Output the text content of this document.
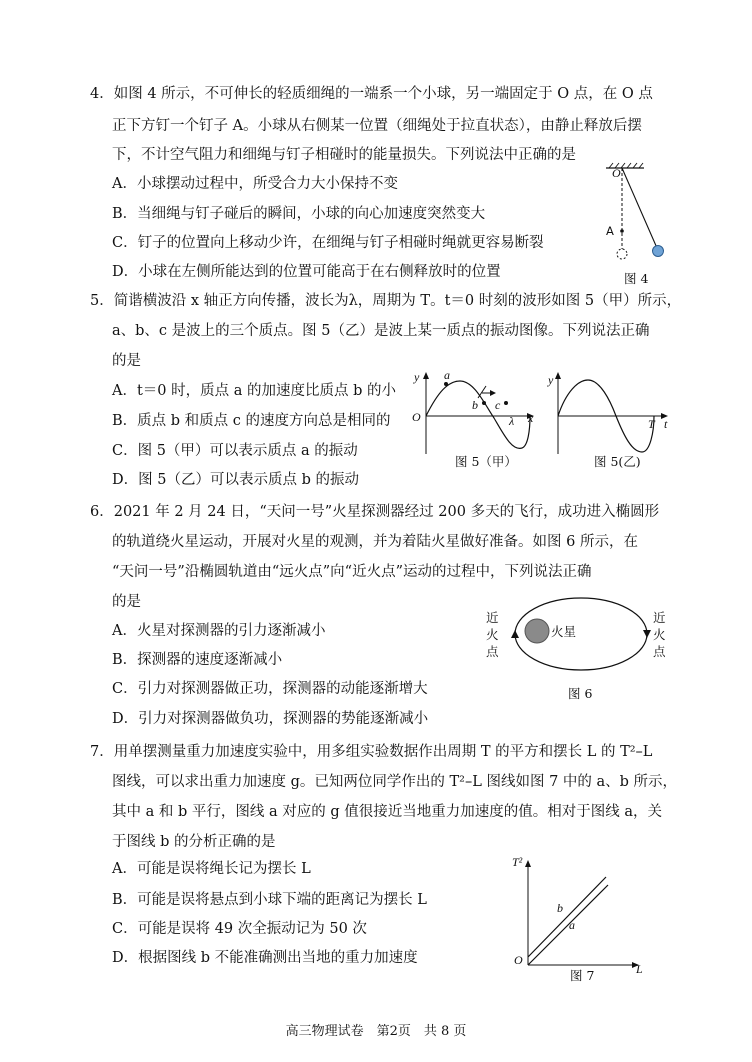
4．如图 4 所示，不可伸长的轻质细绳的一端系一个小球，另一端固定于 O 点，在 O 点
正下方钉一个钉子 A。小球从右侧某一位置（细绳处于拉直状态），由静止释放后摆
下，不计空气阻力和细绳与钉子相碰时的能量损失。下列说法中正确的是
A．小球摆动过程中，所受合力大小保持不变
B．当细绳与钉子碰后的瞬间，小球的向心加速度突然变大
C．钉子的位置向上移动少许，在细绳与钉子相碰时绳就更容易断裂
D．小球在左侧所能达到的位置可能高于在右侧释放时的位置
O
A
图 4
5．简谐横波沿 x 轴正方向传播，波长为λ，周期为 T。t＝0 时刻的波形如图 5（甲）所示，
a、b、c 是波上的三个质点。图 5（乙）是波上某一质点的振动图像。下列说法正确
的是
A．t＝0 时，质点 a 的加速度比质点 b 的小
B．质点 b 和质点 c 的速度方向总是相同的
C．图 5（甲）可以表示质点 a 的振动
D．图 5（乙）可以表示质点 b 的振动
y
O	x
a
b c
λ
图 5（甲）
y
T t
图 5(乙)
6．2021 年 2 月 24 日，“天问一号”火星探测器经过 200 多天的飞行，成功进入椭圆形
的轨道绕火星运动，开展对火星的观测，并为着陆火星做好准备。如图 6 所示，在
“天问一号”沿椭圆轨道由“远火点”向“近火点”运动的过程中，下列说法正确
的是
A．火星对探测器的引力逐渐减小
B．探测器的速度逐渐减小
C．引力对探测器做正功，探测器的动能逐渐增大
D．引力对探测器做负功，探测器的势能逐渐减小
火星
近
火
点
近
火
点
图 6
7．用单摆测量重力加速度实验中，用多组实验数据作出周期 T 的平方和摆长 L 的 T²–L
图线，可以求出重力加速度 g。已知两位同学作出的 T²–L 图线如图 7 中的 a、b 所示，
其中 a 和 b 平行，图线 a 对应的 g 值很接近当地重力加速度的值。相对于图线 a，关
于图线 b 的分析正确的是
A．可能是误将绳长记为摆长 L
B．可能是误将悬点到小球下端的距离记为摆长 L
C．可能是误将 49 次全振动记为 50 次
D．根据图线 b 不能准确测出当地的重力加速度
T²
O
L
b
a
图 7
高三物理试卷　第2页　共 8 页
